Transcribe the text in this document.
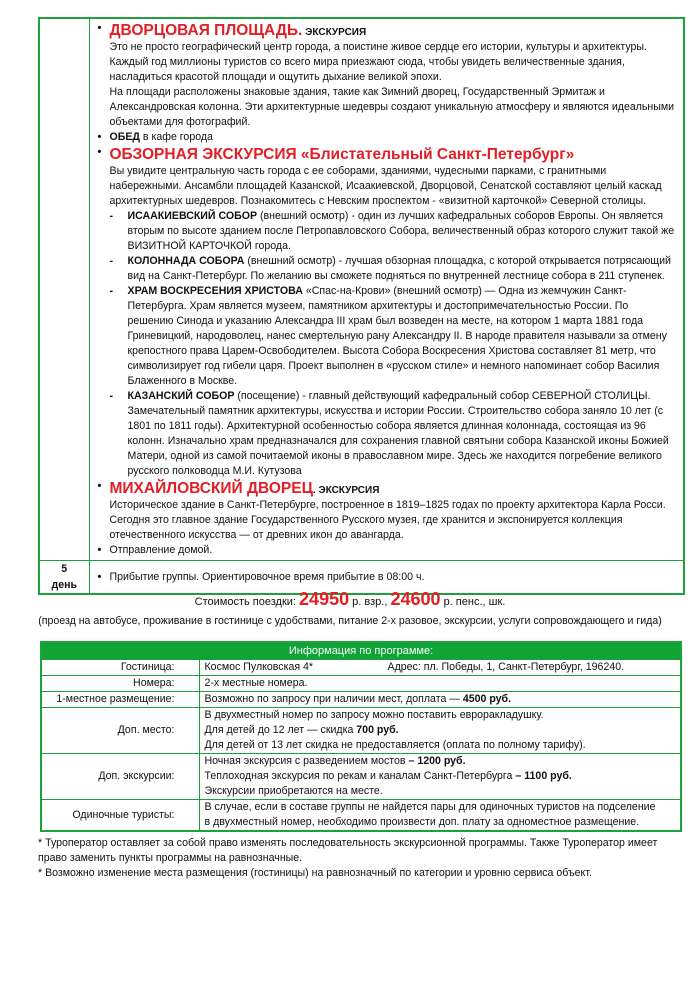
• ДВОРЦОВАЯ ПЛОЩАДЬ. ЭКСКУРСИЯ
Это не просто географический центр города, а поистине живое сердце его истории, культуры и архитектуры. Каждый год миллионы туристов со всего мира приезжают сюда, чтобы увидеть величественные здания, насладиться красотой площади и ощутить дыхание великой эпохи.
На площади расположены знаковые здания, такие как Зимний дворец, Государственный Эрмитаж и Александровская колонна. Эти архитектурные шедевры создают уникальную атмосферу и являются идеальными объектами для фотографий.
• ОБЕД в кафе города
• ОБЗОРНАЯ ЭКСКУРСИЯ «Блистательный Санкт-Петербург»
Вы увидите центральную часть города с ее соборами, зданиями, чудесными парками, с гранитными набережными. Ансамбли площадей Казанской, Исаакиевской, Дворцовой, Сенатской составляют целый каскад архитектурных шедевров. Познакомитесь с Невским проспектом - «визитной карточкой» Северной столицы.
- ИСААКИЕВСКИЙ СОБОР (внешний осмотр) - один из лучших кафедральных соборов Европы. Он является вторым по высоте зданием после Петропавловского Собора, величественный образ которого служит такой же ВИЗИТНОЙ КАРТОЧКОЙ города.
- КОЛОННАДА СОБОРА (внешний осмотр) - лучшая обзорная площадка, с которой открывается потрясающий вид на Санкт-Петербург. По желанию вы сможете подняться по внутренней лестнице собора в 211 ступенек.
- ХРАМ ВОСКРЕСЕНИЯ ХРИСТОВА «Спас-на-Крови» (внешний осмотр) — Одна из жемчужин Санкт-Петербурга. Храм является музеем, памятником архитектуры и достопримечательностью России. По решению Синода и указанию Александра III храм был возведен на месте, на котором 1 марта 1881 года Гриневицкий, народоволец, нанес смертельную рану Александру II. В народе правителя называли за отмену крепостного права Царем-Освободителем. Высота Собора Воскресения Христова составляет 81 метр, что символизирует год гибели царя. Проект выполнен в «русском стиле» и немного напоминает собор Василия Блаженного в Москве.
- КАЗАНСКИЙ СОБОР (посещение) - главный действующий кафедральный собор СЕВЕРНОЙ СТОЛИЦЫ. Замечательный памятник архитектуры, искусства и истории России. Строительство собора заняло 10 лет (с 1801 по 1811 годы). Архитектурной особенностью собора является длинная колоннада, состоящая из 96 колонн. Изначально храм предназначался для сохранения главной святыни собора Казанской иконы Божией Матери, одной из самой почитаемой иконы в православном мире. Здесь же находится погребение великого русского полководца М.И. Кутузова
• МИХАЙЛОВСКИЙ ДВОРЕЦ. ЭКСКУРСИЯ
Историческое здание в Санкт-Петербурге, построенное в 1819–1825 годах по проекту архитектора Карла Росси. Сегодня это главное здание Государственного Русского музея, где хранится и экспонируется коллекция отечественного искусства — от древних икон до авангарда.
• Отправление домой.

5
день

• Прибытие группы. Ориентировочное время прибытие в 08:00 ч.
Стоимость поездки: 24950 р. взр., 24600 р. пенс., шк.
(проезд на автобусе, проживание в гостинице с удобствами, питание 2-х разовое, экскурсии, услуги сопровождающего и гида)
Информация по программе:	
Гостиница:	Космос Пулковская 4* Адрес: пл. Победы, 1, Санкт-Петербург, 196240.

Номера:	2-х местные номера.
1-местное размещение:	Возможно по запросу при наличии мест, доплата — 4500 руб.
Доп. место:	В двухместный номер по запросу можно поставить евроракладушку.
Для детей до 12 лет — скидка 700 руб.
Для детей от 13 лет скидка не предоставляется (оплата по полному тарифу).

Доп. экскурсии:	Ночная экскурсия с разведением мостов – 1200 руб.
Теплоходная экскурсия по рекам и каналам Санкт-Петербурга – 1100 руб.
Экскурсии приобретаются на месте.

Одиночные туристы:	В случае, если в составе группы не найдется пары для одиночных туристов на подселение
в двухместный номер, необходимо произвести доп. плату за одноместное размещение.
* Туроператор оставляет за собой право изменять последовательность экскурсионной программы. Также Туроператор имеет право заменить пункты программы на равнозначные.
* Возможно изменение места размещения (гостиницы) на равнозначный по категории и уровню сервиса объект.
